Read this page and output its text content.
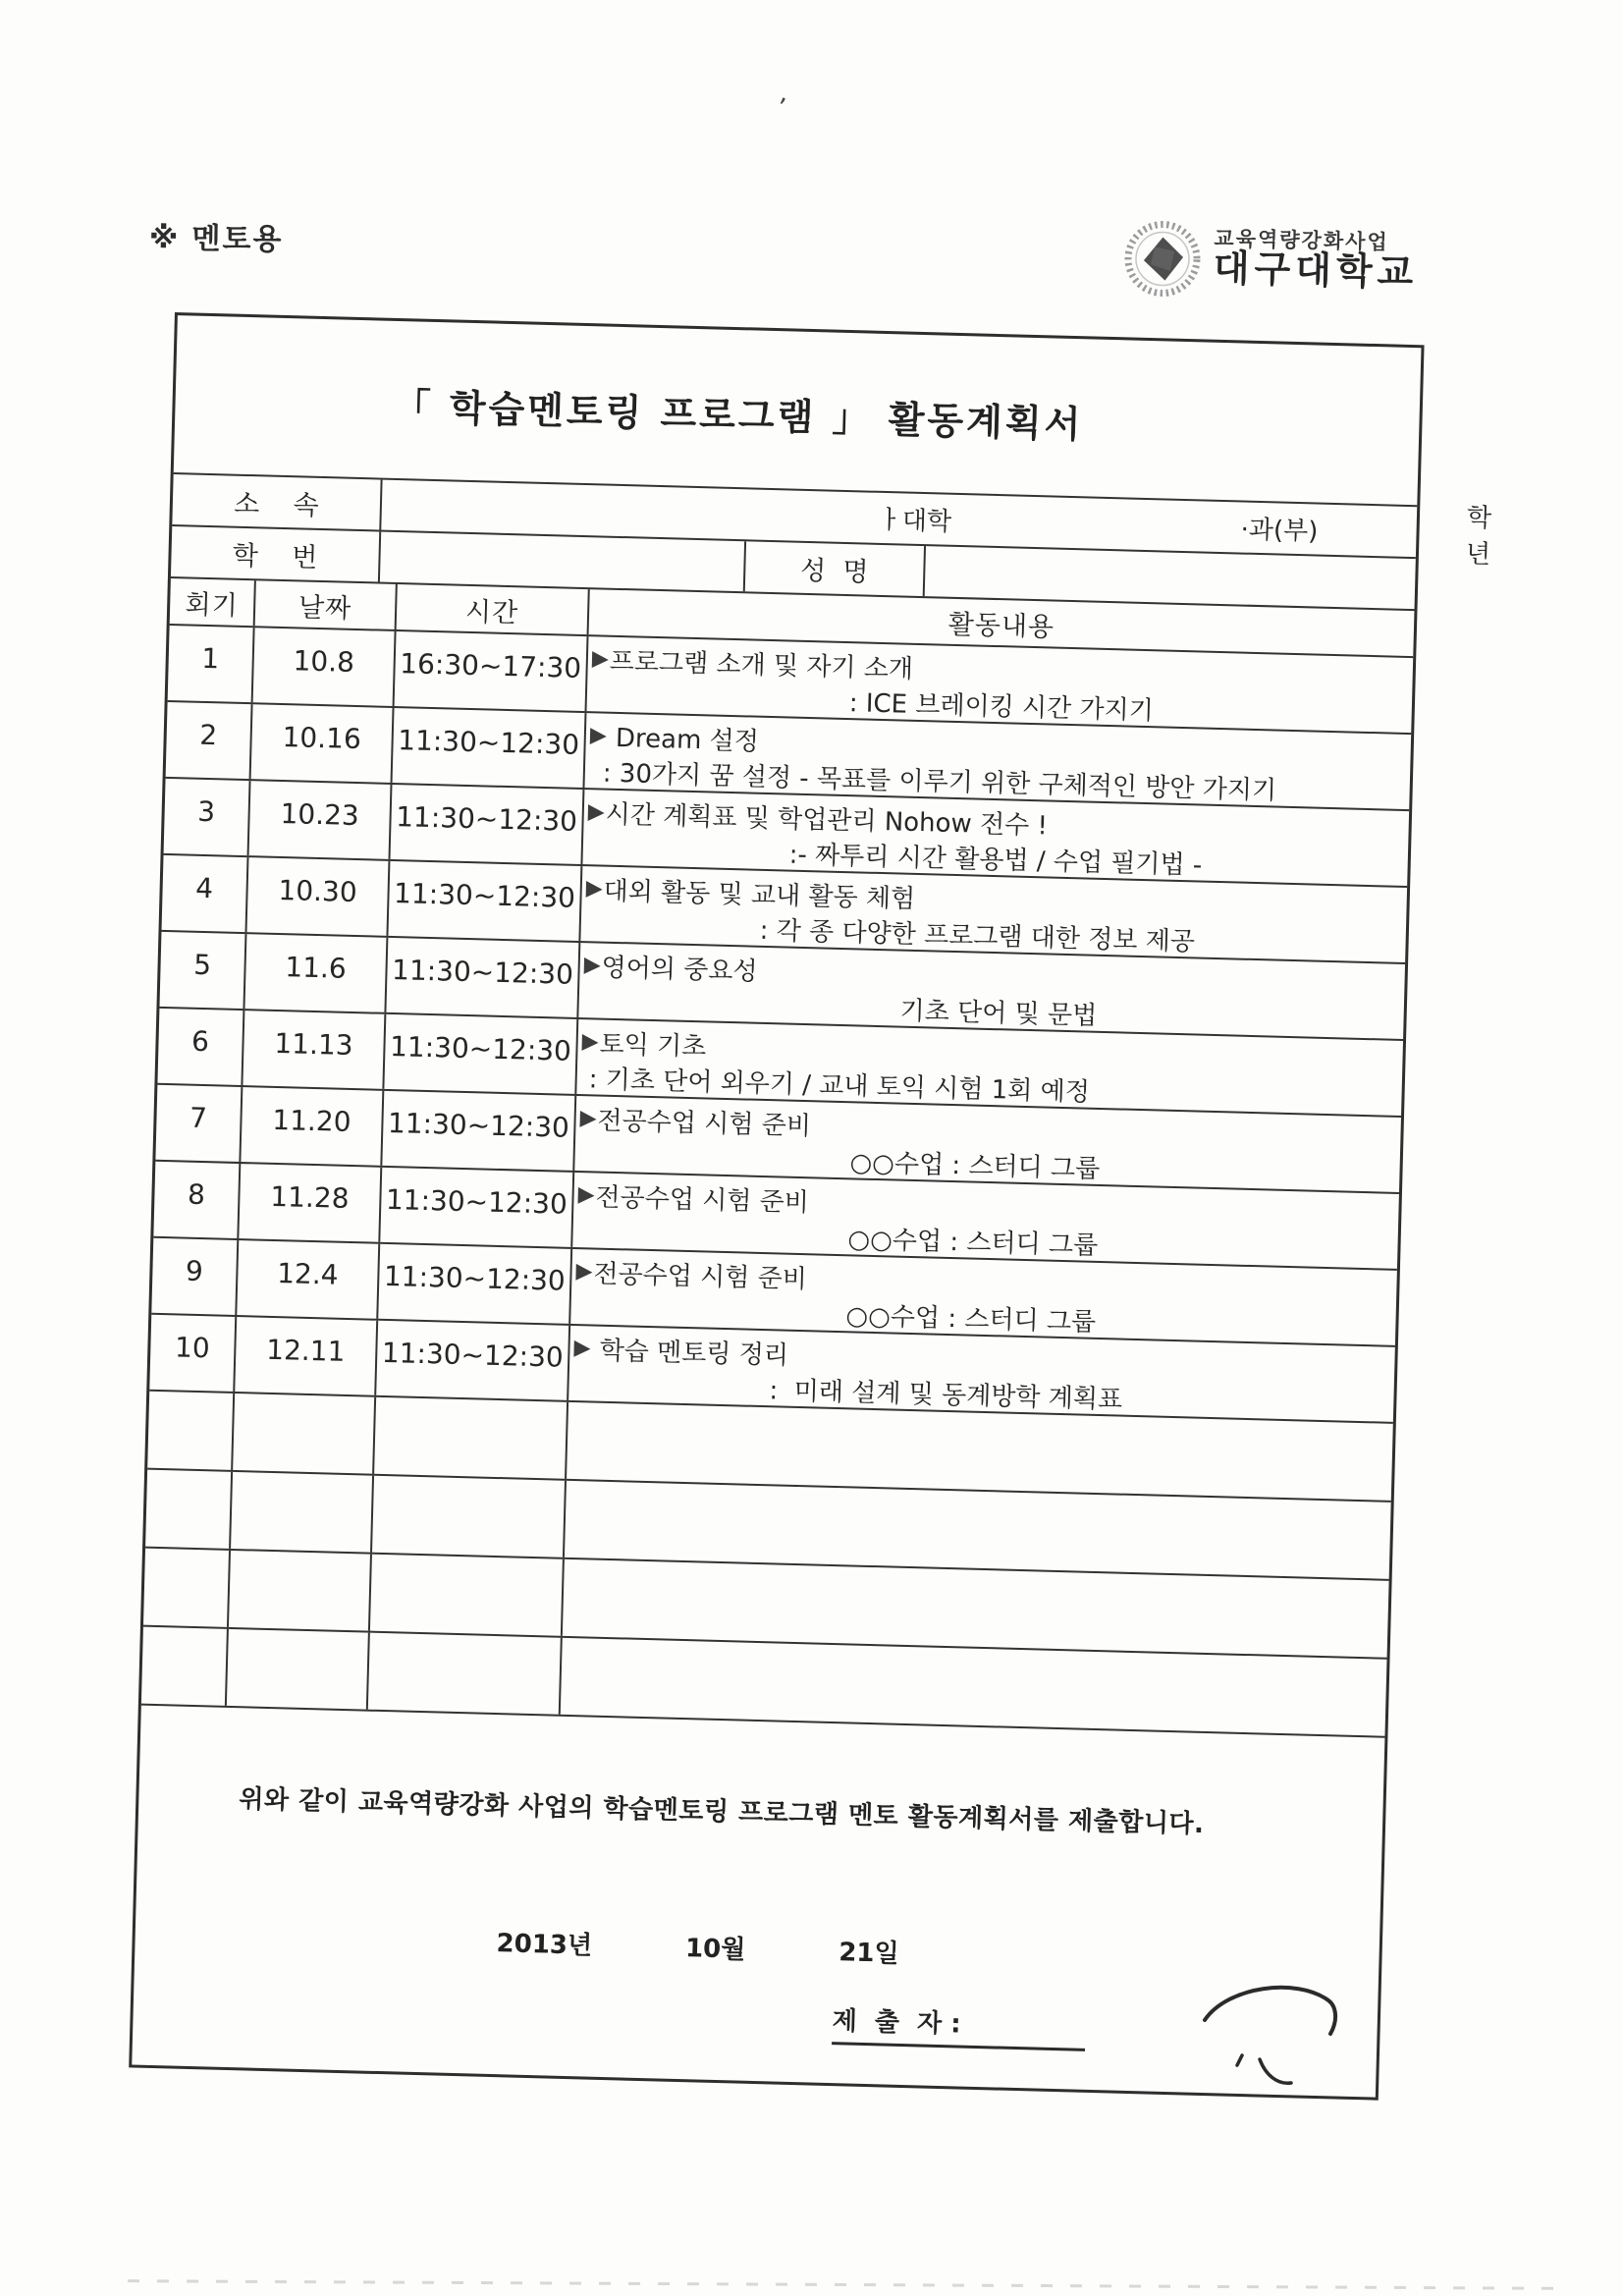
※ 멘토용
,
교육역량강화사업
대구대학교
「 학습멘토링 프로그램 」 활동계획서
소    속	ㅏ대학	·과(부)	학년
학    번	성  명
회기	날짜	시간	활동내용
1	10.8	16:30~17:30 ▶ 프로그램 소개 및 자기 소개
: ICE 브레이킹 시간 가지기
2	10.16	11:30~12:30 ▶ Dream 설정
: 30가지 꿈 설정 - 목표를 이루기 위한 구체적인 방안 가지기
3	10.23	11:30~12:30 ▶ 시간 계획표 및 학업관리 Nohow 전수 !
:- 짜투리 시간 활용법 / 수업 필기법 -
4	10.30	11:30~12:30 ▶ 대외 활동 및 교내 활동 체험
: 각 종 다양한 프로그램 대한 정보 제공
5	11.6	11:30~12:30 ▶ 영어의 중요성
기초 단어 및 문법
6	11.13	11:30~12:30 ▶ 토익 기초
: 기초 단어 외우기 / 교내 토익 시험 1회 예정
7	11.20	11:30~12:30 ▶ 전공수업 시험 준비
○○수업 : 스터디 그룹
8	11.28	11:30~12:30 ▶ 전공수업 시험 준비
○○수업 : 스터디 그룹
9	12.4	11:30~12:30 ▶ 전공수업 시험 준비
○○수업 : 스터디 그룹
10	12.11	11:30~12:30 ▶ 학습 멘토링 정리
:  미래 설계 및 동계방학 계획표
위와 같이 교육역량강화 사업의 학습멘토링 프로그램 멘토 활동계획서를 제출합니다.
2013년	10월	21일
제  출  자 :
